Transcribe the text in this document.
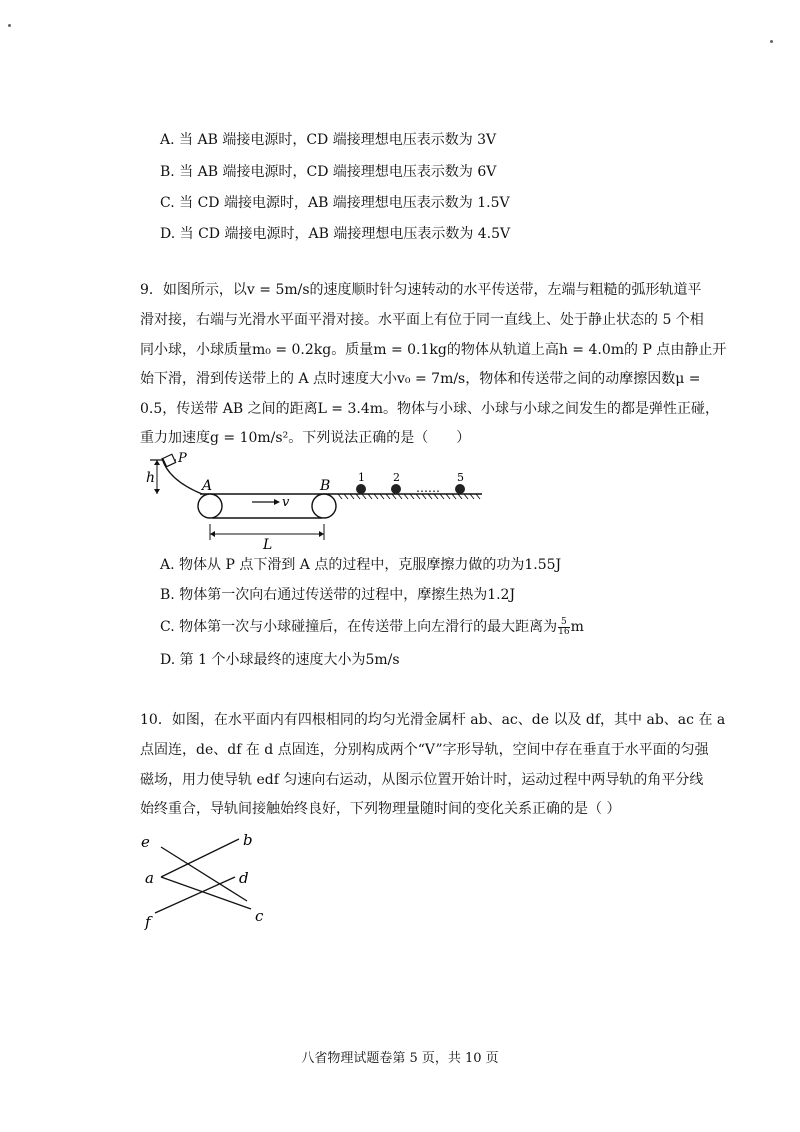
A. 当 AB 端接电源时，CD 端接理想电压表示数为 3V
B. 当 AB 端接电源时，CD 端接理想电压表示数为 6V
C. 当 CD 端接电源时，AB 端接理想电压表示数为 1.5V
D. 当 CD 端接电源时，AB 端接理想电压表示数为 4.5V
9．如图所示，以v = 5m/s的速度顺时针匀速转动的水平传送带，左端与粗糙的弧形轨道平
滑对接，右端与光滑水平面平滑对接。水平面上有位于同一直线上、处于静止状态的 5 个相
同小球，小球质量m₀ = 0.2kg。质量m = 0.1kg的物体从轨道上高h = 4.0m的 P 点由静止开
始下滑，滑到传送带上的 A 点时速度大小v₀ = 7m/s，物体和传送带之间的动摩擦因数μ =
0.5，传送带 AB 之间的距离L = 3.4m。物体与小球、小球与小球之间发生的都是弹性正碰，
重力加速度g = 10m/s²。下列说法正确的是（　　）
h
P
A	B
v
L
1	2
……
5
A. 物体从 P 点下滑到 A 点的过程中，克服摩擦力做的功为1.55J
B. 物体第一次向右通过传送带的过程中，摩擦生热为1.2J
C. 物体第一次与小球碰撞后，在传送带上向左滑行的最大距离为 $\frac{5}{16}$ m
D. 第 1 个小球最终的速度大小为5m/s
10．如图，在水平面内有四根相同的均匀光滑金属杆 ab、ac、de 以及 df，其中 ab、ac 在 a
点固连，de、df 在 d 点固连，分别构成两个“V”字形导轨，空间中存在垂直于水平面的匀强
磁场，用力使导轨 edf 匀速向右运动，从图示位置开始计时，运动过程中两导轨的角平分线
始终重合，导轨间接触始终良好，下列物理量随时间的变化关系正确的是（ ）
e	b
a	d
f	c
八省物理试题卷第 5 页，共 10 页
